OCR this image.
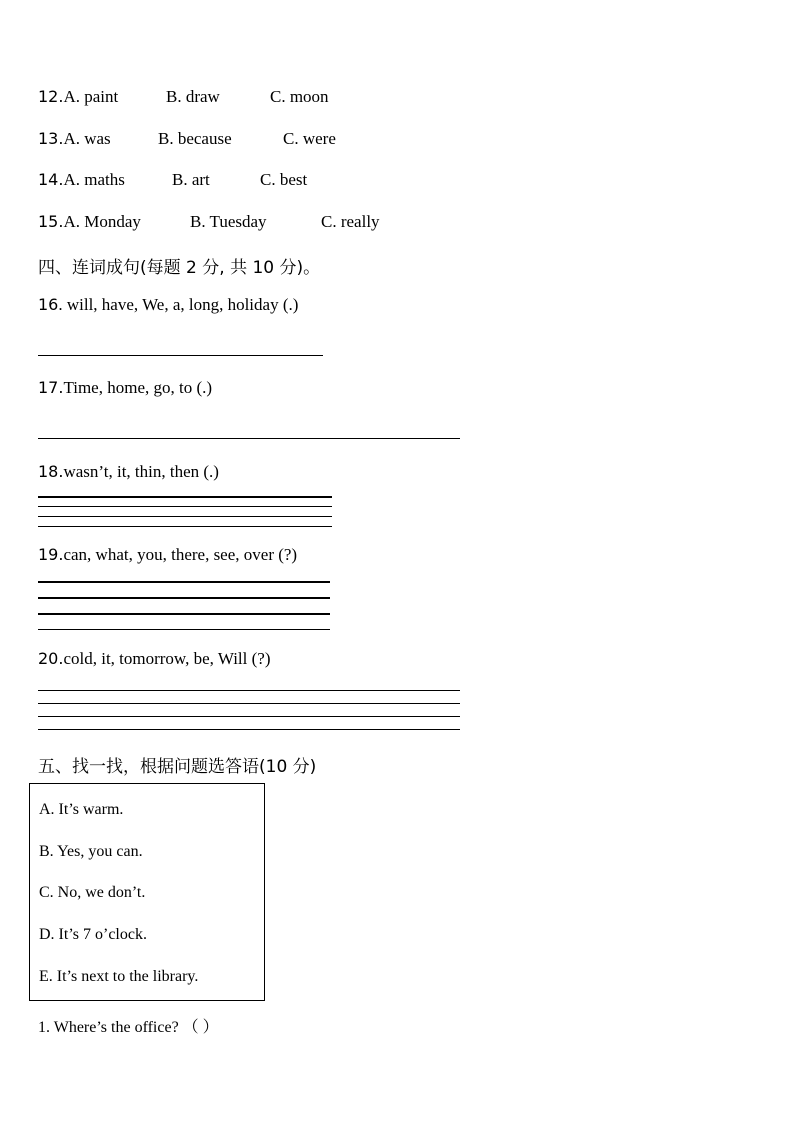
12.A. paint	B. draw	C. moon
13.A. was	B. because	C. were
14.A. maths	B. art	C. best
15.A. Monday	B. Tuesday	C. really
四、连词成句(每题 2 分, 共 10 分)。
16. will, have, We, a, long, holiday (.)
17.Time, home, go, to (.)
18.wasn’t, it, thin, then (.)
19.can, what, you, there, see, over (?)
20.cold, it, tomorrow, be, Will (?)
五、找一找，根据问题选答语(10 分)
A. It’s warm.
B. Yes, you can.
C. No, we don’t.
D. It’s 7 o’clock.
E. It’s next to the library.
1. Where’s the office? （ ）
